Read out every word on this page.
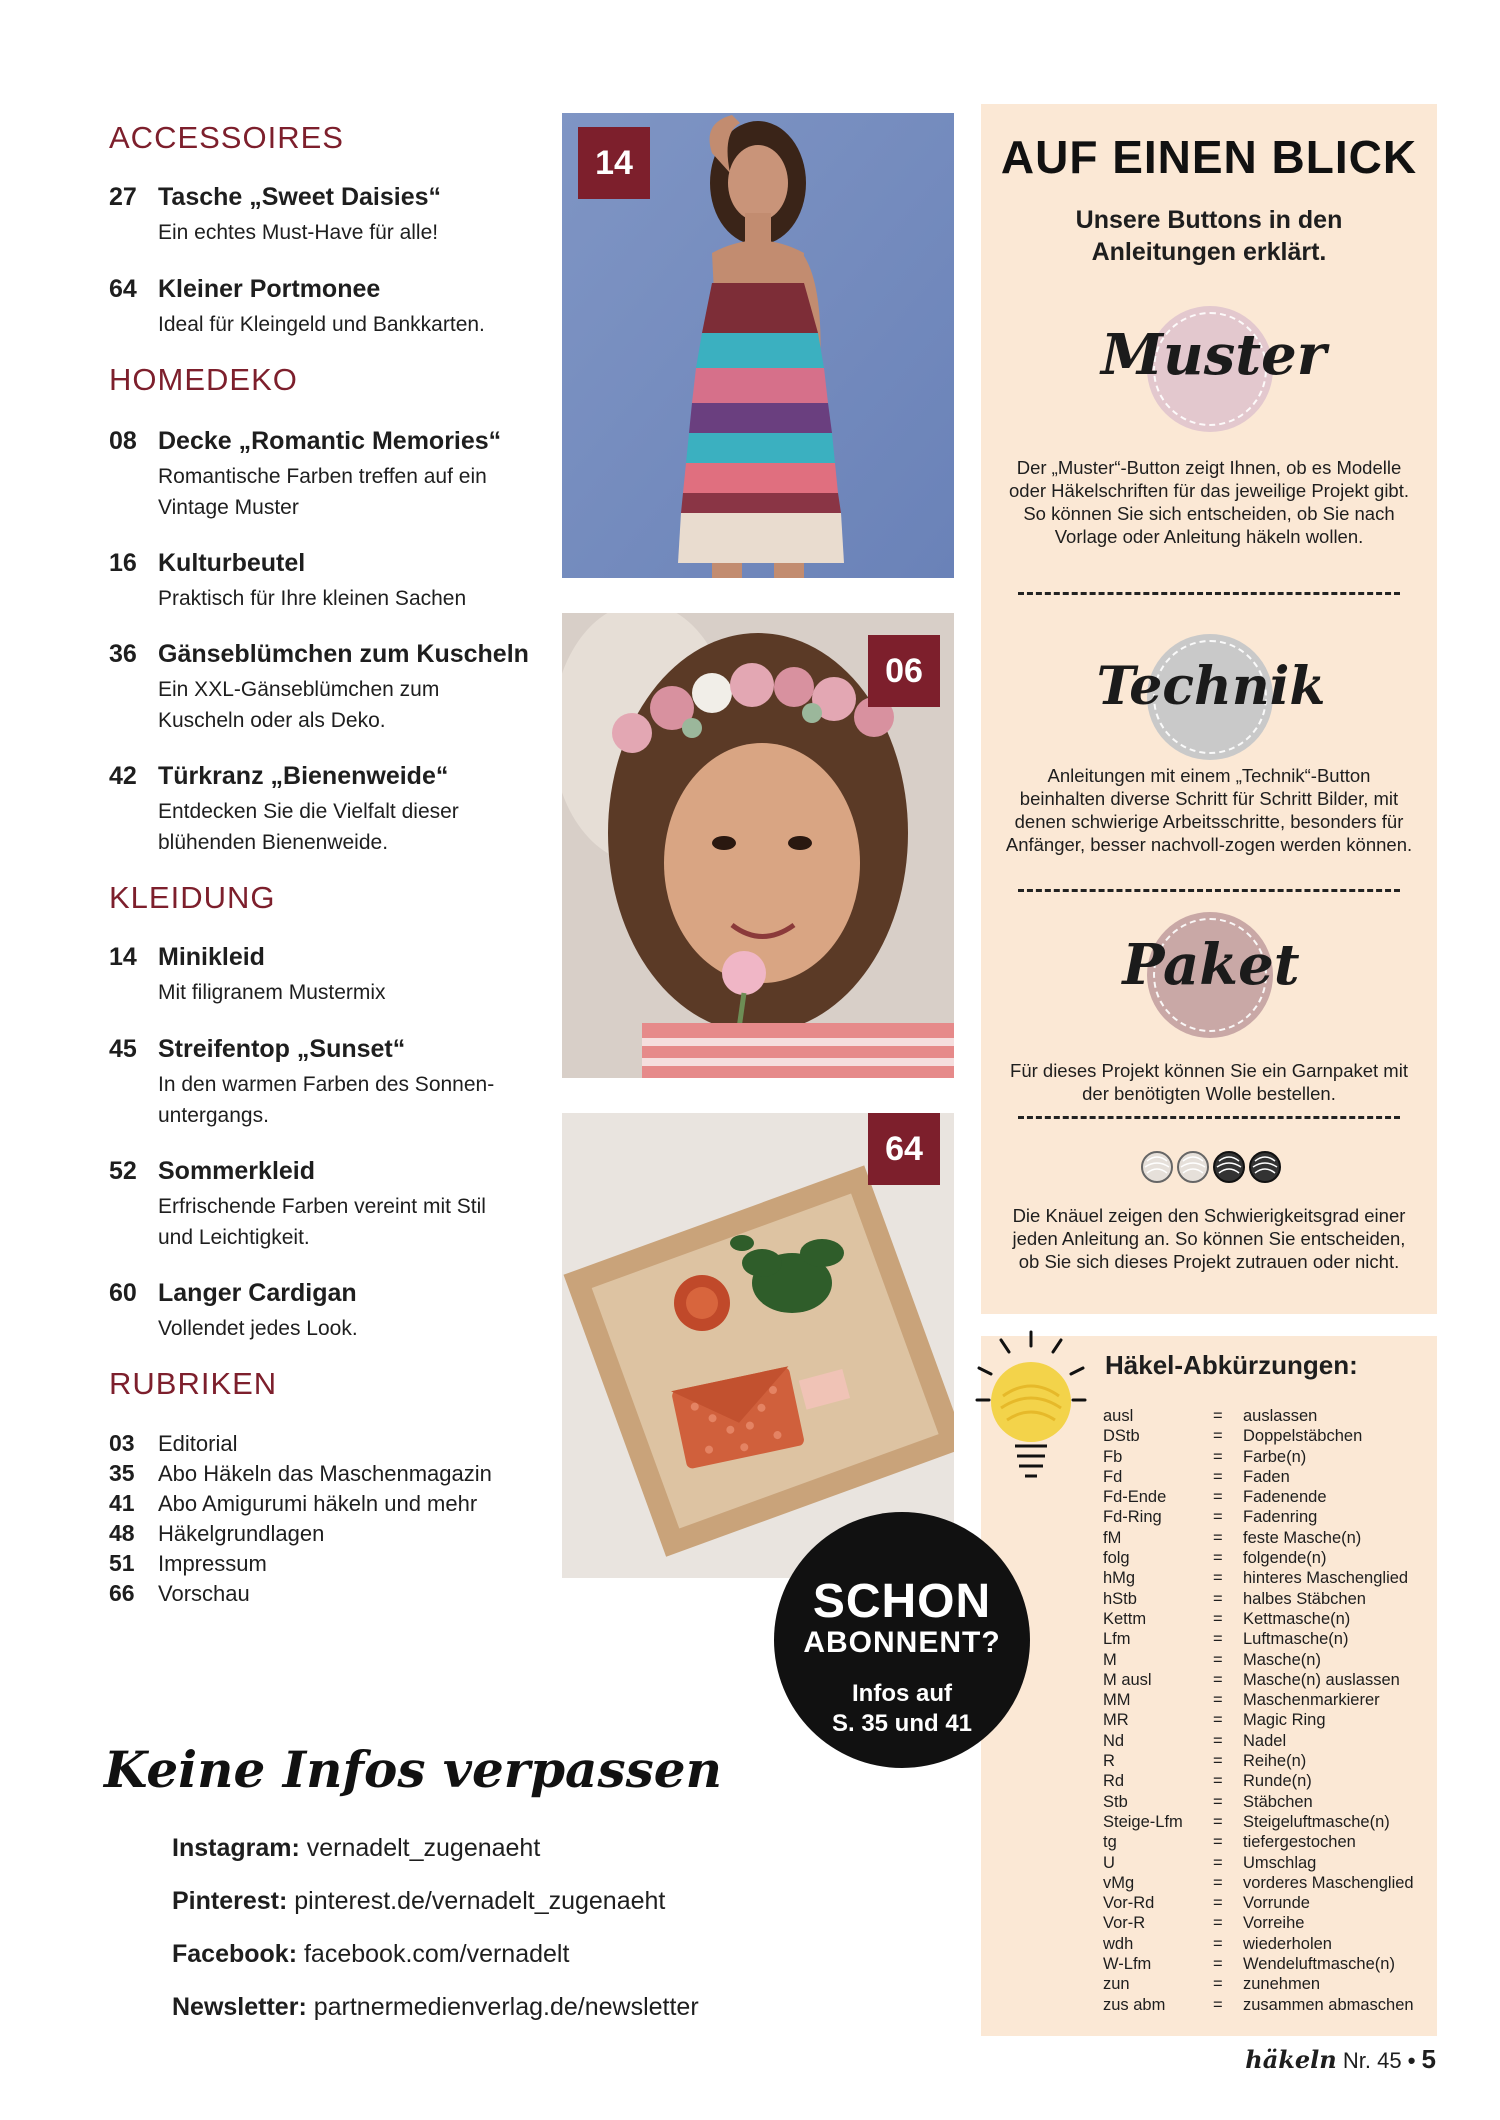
ACCESSOIRES
27 Tasche „Sweet Daisies“
Ein echtes Must-Have für alle!
64 Kleiner Portmonee
Ideal für Kleingeld und Bankkarten.
HOMEDEKO
08 Decke „Romantic Memories“
Romantische Farben treffen auf ein Vintage Muster
16 Kulturbeutel
Praktisch für Ihre kleinen Sachen
36 Gänseblümchen zum Kuscheln
Ein XXL-Gänseblümchen zum Kuscheln oder als Deko.
42 Türkranz „Bienenweide“
Entdecken Sie die Vielfalt dieser blühenden Bienenweide.
KLEIDUNG
14 Minikleid
Mit filigranem Mustermix
45 Streifentop „Sunset“
In den warmen Farben des Sonnen-untergangs.
52 Sommerkleid
Erfrischende Farben vereint mit Stil und Leichtigkeit.
60 Langer Cardigan
Vollendet jedes Look.
RUBRIKEN
03 Editorial
35 Abo Häkeln das Maschenmagazin
41 Abo Amigurumi häkeln und mehr
48 Häkelgrundlagen
51 Impressum
66 Vorschau
14
06
64
AUF EINEN BLICK
Unsere Buttons in den Anleitungen erklärt.
Muster
Der „Muster“-Button zeigt Ihnen, ob es Modelle oder Häkelschriften für das jeweilige Projekt gibt. So können Sie sich entscheiden, ob Sie nach Vorlage oder Anleitung häkeln wollen.
Technik
Anleitungen mit einem „Technik“-Button beinhalten diverse Schritt für Schritt Bilder, mit denen schwierige Arbeitsschritte, besonders für Anfänger, besser nachvoll-zogen werden können.
Paket
Für dieses Projekt können Sie ein Garnpaket mit der benötigten Wolle bestellen.
Die Knäuel zeigen den Schwierigkeitsgrad einer jeden Anleitung an. So können Sie entscheiden, ob Sie sich dieses Projekt zutrauen oder nicht.
Häkel-Abkürzungen:
ausl	= auslassen
DStb	= Doppelstäbchen
Fb	= Farbe(n)
Fd	= Faden
Fd-Ende	= Fadenende
Fd-Ring	= Fadenring
fM	= feste Masche(n)
folg	= folgende(n)
hMg	= hinteres Maschenglied
hStb	= halbes Stäbchen
Kettm	= Kettmasche(n)
Lfm	= Luftmasche(n)
M	= Masche(n)
M ausl	= Masche(n) auslassen
MM	= Maschenmarkierer
MR	= Magic Ring
Nd	= Nadel
R	= Reihe(n)
Rd	= Runde(n)
Stb	= Stäbchen
Steige-Lfm = Steigeluftmasche(n)
tg	= tiefergestochen
U	= Umschlag
vMg	= vorderes Maschenglied
Vor-Rd	= Vorrunde
Vor-R	= Vorreihe
wdh	= wiederholen
W-Lfm	= Wendeluftmasche(n)
zun	= zunehmen
zus abm	= zusammen abmaschen
SCHON
ABONNENT?
Infos auf
S. 35 und 41
Keine Infos verpassen
Instagram: vernadelt_zugenaeht
Pinterest: pinterest.de/vernadelt_zugenaeht
Facebook: facebook.com/vernadelt
Newsletter: partnermedienverlag.de/newsletter
häkeln Nr. 45 • 5
